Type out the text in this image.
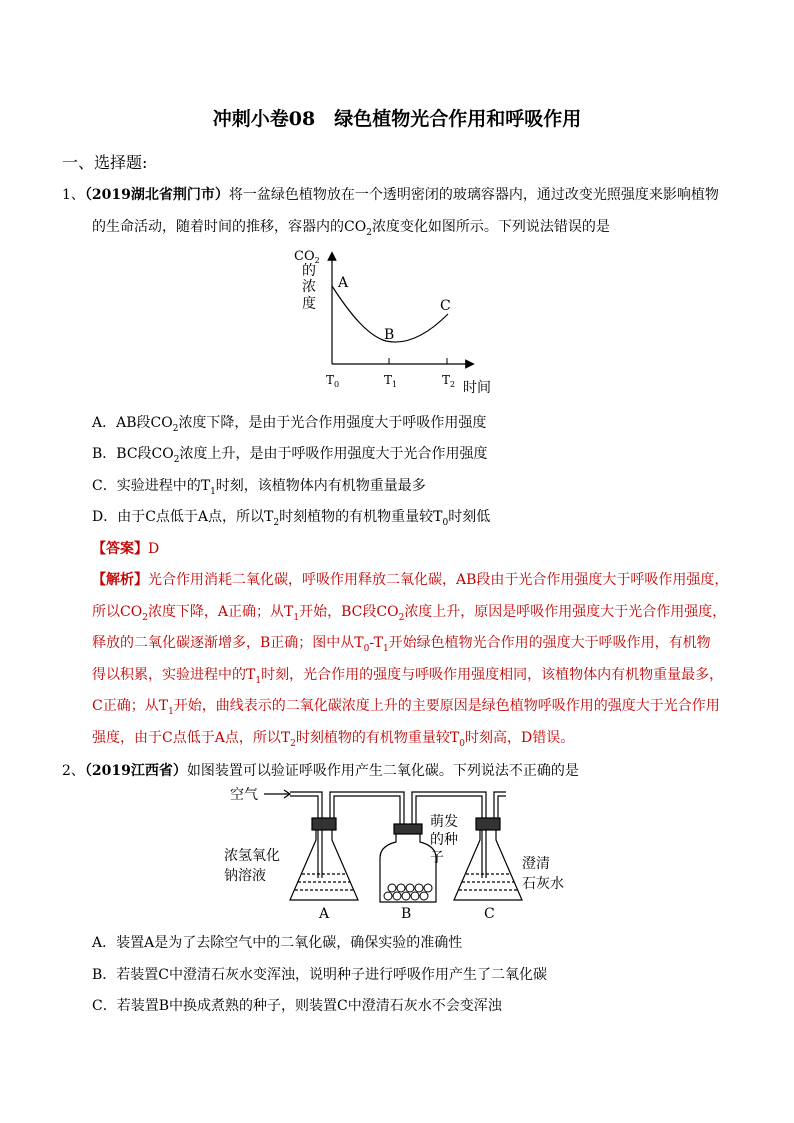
冲刺小卷08　绿色植物光合作用和呼吸作用
一、选择题:
1、（2019湖北省荆门市）将一盆绿色植物放在一个透明密闭的玻璃容器内，通过改变光照强度来影响植物
的生命活动，随着时间的推移，容器内的$CO_2$浓度变化如图所示。下列说法错误的是
$CO_2$
的
浓
度
A
B
C
$T_0$	$T_1$	$T_2$ 时间
A．AB段$CO_2$浓度下降，是由于光合作用强度大于呼吸作用强度
B．BC段$CO_2$浓度上升，是由于呼吸作用强度大于光合作用强度
C．实验进程中的$T_1$时刻，该植物体内有机物重量最多
D．由于C点低于A点，所以$T_2$时刻植物的有机物重量较$T_0$时刻低
【答案】D
【解析】光合作用消耗二氧化碳，呼吸作用释放二氧化碳，AB段由于光合作用强度大于呼吸作用强度，
所以$CO_2$浓度下降，A正确；从$T_1$开始，BC段$CO_2$浓度上升，原因是呼吸作用强度大于光合作用强度，
释放的二氧化碳逐渐增多，B正确；图中从$T_0-T_1$开始绿色植物光合作用的强度大于呼吸作用，有机物
得以积累，实验进程中的$T_1$时刻，光合作用的强度与呼吸作用强度相同，该植物体内有机物重量最多，
C正确；从$T_1$开始，曲线表示的二氧化碳浓度上升的主要原因是绿色植物呼吸作用的强度大于光合作用
强度，由于C点低于A点，所以$T_2$时刻植物的有机物重量较$T_0$时刻高，D错误。
2、（2019江西省）如图装置可以验证呼吸作用产生二氧化碳。下列说法不正确的是
空气
浓氢氧化
钠溶液
萌发
的种
子	澄清
石灰水
A	B	C
A．装置A是为了去除空气中的二氧化碳，确保实验的准确性
B．若装置C中澄清石灰水变浑浊，说明种子进行呼吸作用产生了二氧化碳
C．若装置B中换成煮熟的种子，则装置C中澄清石灰水不会变浑浊
